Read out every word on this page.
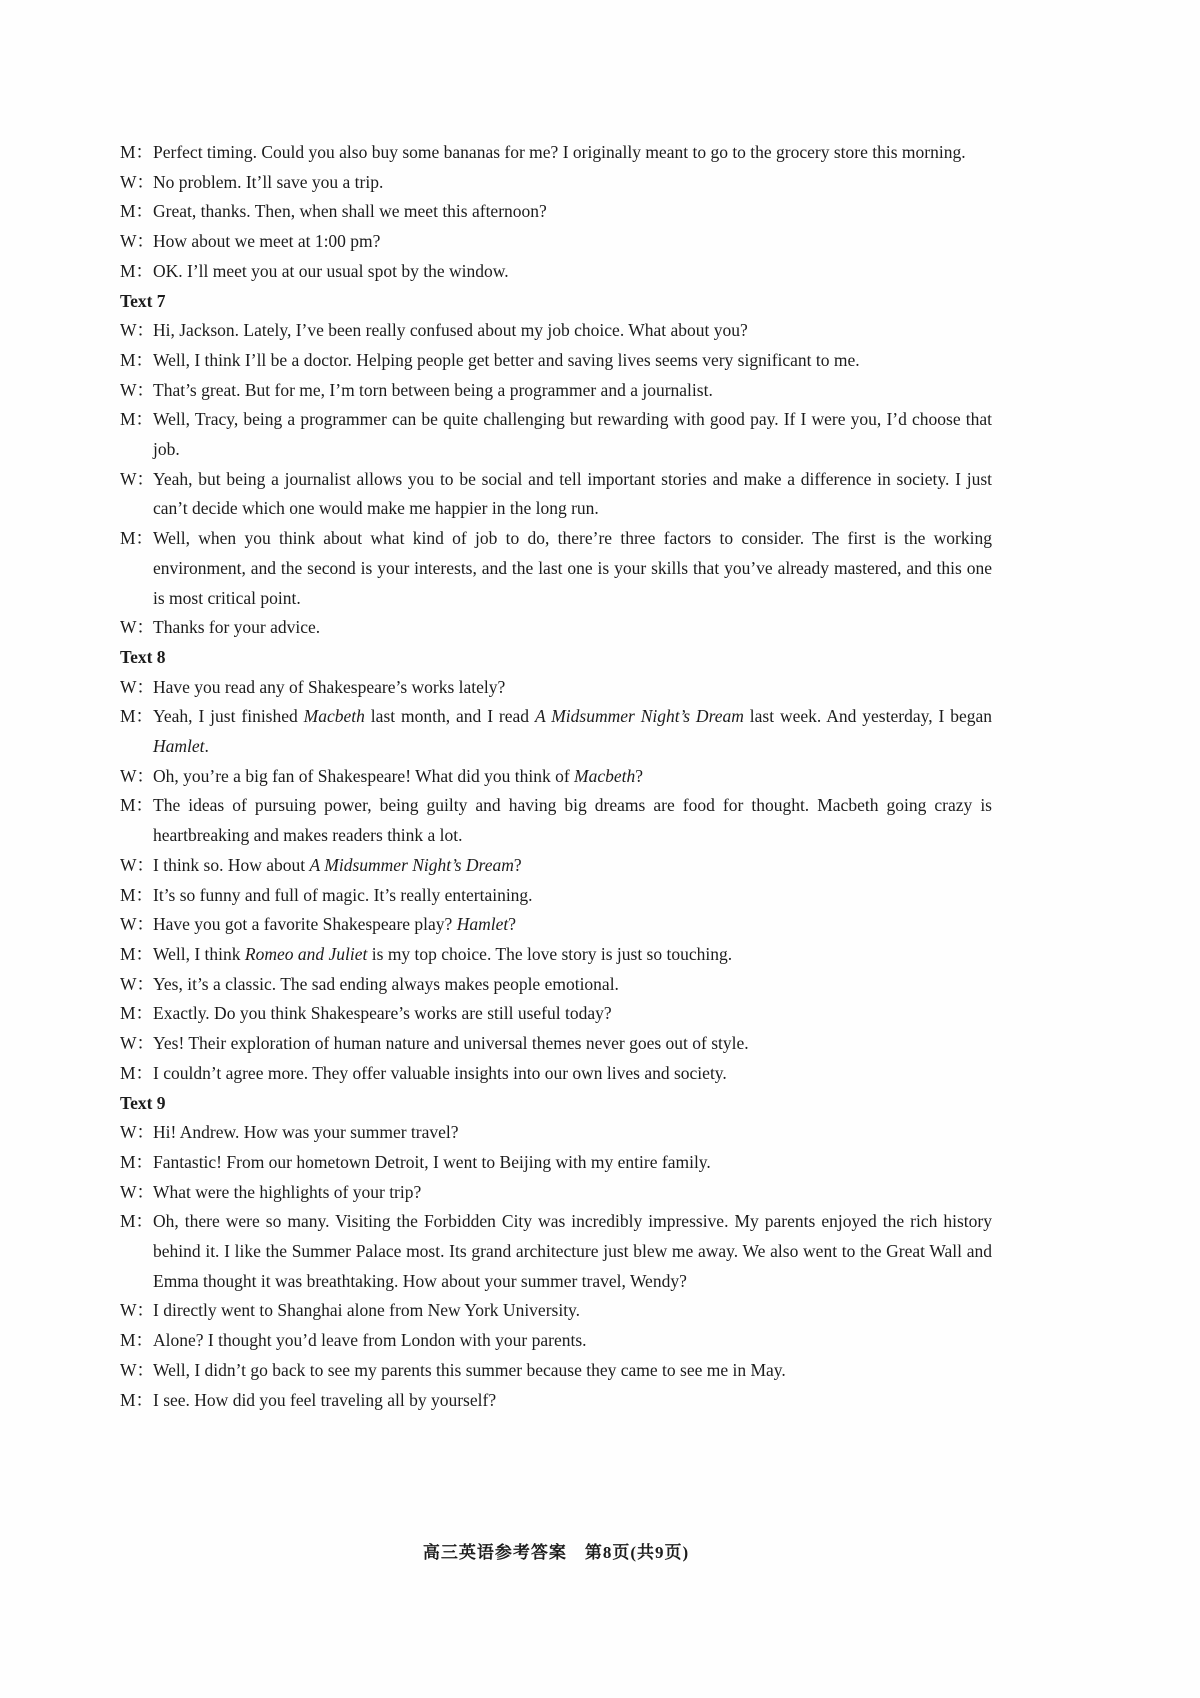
M： Perfect timing. Could you also buy some bananas for me? I originally meant to go to the grocery store this morning.
W：
No problem. It’ll save you a trip.
M： Great, thanks. Then, when shall we meet this afternoon?
W：
How about we meet at 1:00 pm?
M： OK. I’ll meet you at our usual spot by the window.
Text 7
W：
Hi, Jackson. Lately, I’ve been really confused about my job choice. What about you?
M： Well, I think I’ll be a doctor. Helping people get better and saving lives seems very significant to me.
W：
That’s great. But for me, I’m torn between being a programmer and a journalist.
M： Well, Tracy, being a programmer can be quite challenging but rewarding with good pay. If I were you, I’d choose that job.
W：
Yeah, but being a journalist allows you to be social and tell important stories and make a difference in society. I just can’t decide which one would make me happier in the long run.
M： Well, when you think about what kind of job to do, there’re three factors to consider. The first is the working environment, and the second is your interests, and the last one is your skills that you’ve already mastered, and this one is most critical point.
W：
Thanks for your advice.
Text 8
W：
Have you read any of Shakespeare’s works lately?
M： Yeah, I just finished Macbeth last month, and I read A Midsummer Night’s Dream last week. And yesterday, I began Hamlet.
W：
Oh, you’re a big fan of Shakespeare! What did you think of Macbeth?
M： The ideas of pursuing power, being guilty and having big dreams are food for thought. Macbeth going crazy is heartbreaking and makes readers think a lot.
W：
I think so. How about A Midsummer Night’s Dream?
M： It’s so funny and full of magic. It’s really entertaining.
W：
Have you got a favorite Shakespeare play? Hamlet?
M： Well, I think Romeo and Juliet is my top choice. The love story is just so touching.
W：
Yes, it’s a classic. The sad ending always makes people emotional.
M： Exactly. Do you think Shakespeare’s works are still useful today?
W：
Yes! Their exploration of human nature and universal themes never goes out of style.
M： I couldn’t agree more. They offer valuable insights into our own lives and society.
Text 9
W：
Hi! Andrew. How was your summer travel?
M： Fantastic! From our hometown Detroit, I went to Beijing with my entire family.
W：
What were the highlights of your trip?
M： Oh, there were so many. Visiting the Forbidden City was incredibly impressive. My parents enjoyed the rich history behind it. I like the Summer Palace most. Its grand architecture just blew me away. We also went to the Great Wall and Emma thought it was breathtaking. How about your summer travel, Wendy?
W：
I directly went to Shanghai alone from New York University.
M： Alone? I thought you’d leave from London with your parents.
W：
Well, I didn’t go back to see my parents this summer because they came to see me in May.
M： I see. How did you feel traveling all by yourself?
高三英语参考答案　第8页(共9页)
